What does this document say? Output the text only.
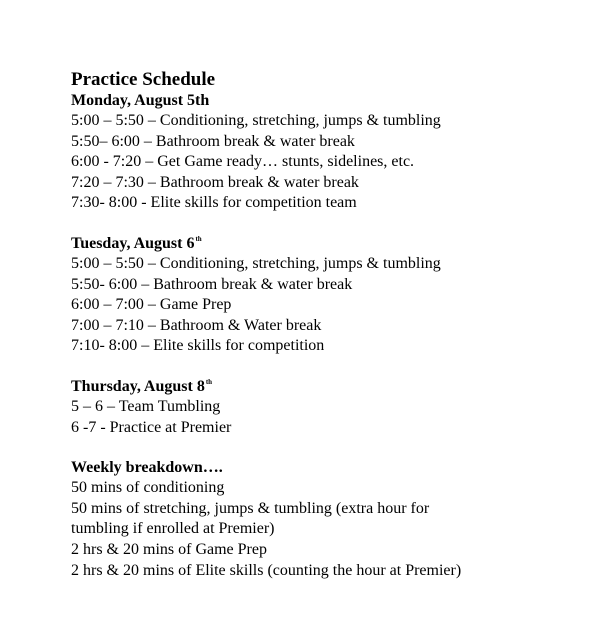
Practice Schedule
Monday, August 5th
5:00 – 5:50 – Conditioning, stretching, jumps & tumbling
5:50– 6:00 – Bathroom break & water break
6:00 - 7:20 – Get Game ready… stunts, sidelines, etc.
7:20 – 7:30 – Bathroom break & water break
7:30- 8:00 - Elite skills for competition team
Tuesday, August 6th
5:00 – 5:50 – Conditioning, stretching, jumps & tumbling
5:50- 6:00 – Bathroom break & water break
6:00 – 7:00 – Game Prep
7:00 – 7:10 – Bathroom & Water break
7:10- 8:00 – Elite skills for competition
Thursday, August 8th
5 – 6 – Team Tumbling
6 -7 - Practice at Premier
Weekly breakdown….
50 mins of conditioning
50 mins of stretching, jumps & tumbling (extra hour for tumbling if enrolled at Premier)
2 hrs & 20 mins of Game Prep
2 hrs & 20 mins of Elite skills (counting the hour at Premier)
